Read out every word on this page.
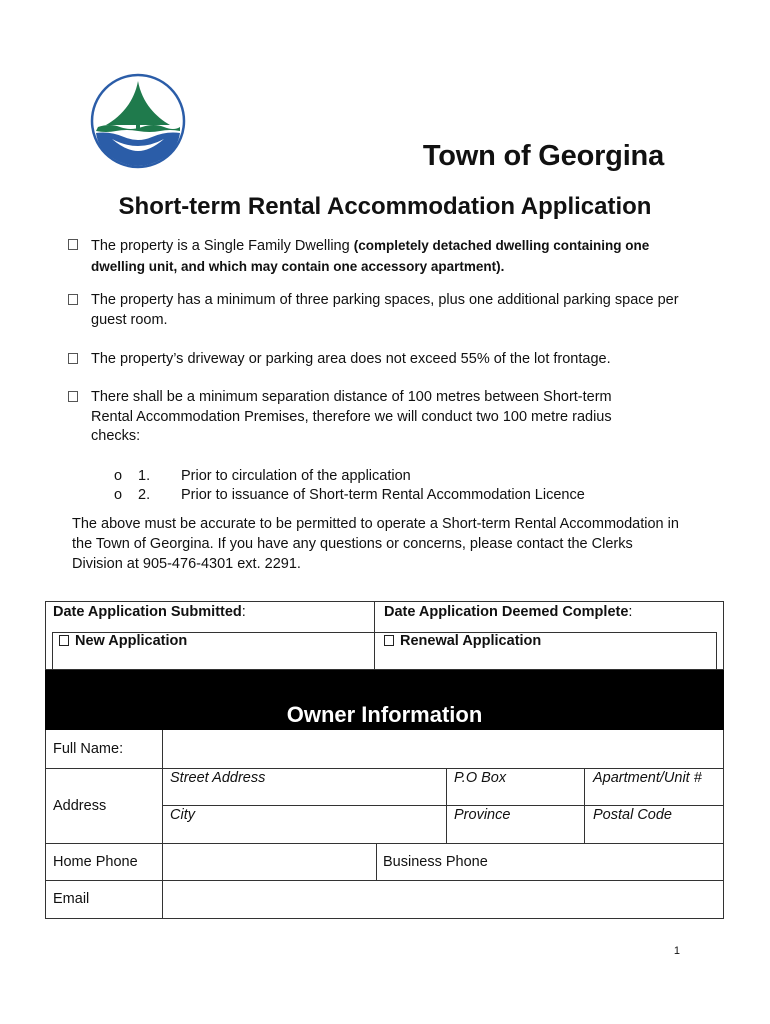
Town of Georgina
Short-term Rental Accommodation Application
The property is a Single Family Dwelling (completely detached dwelling containing one dwelling unit, and which may contain one accessory apartment).
The property has a minimum of three parking spaces, plus one additional parking space per guest room.
The property’s driveway or parking area does not exceed 55% of the lot frontage.
There shall be a minimum separation distance of 100 metres between Short-term Rental Accommodation Premises, therefore we will conduct two 100 metre radius checks:
o 1. Prior to circulation of the application
o 2. Prior to issuance of Short-term Rental Accommodation Licence
The above must be accurate to be permitted to operate a Short-term Rental Accommodation in the Town of Georgina. If you have any questions or concerns, please contact the Clerks Division at 905-476-4301 ext. 2291.
Date Application Submitted:	Date Application Deemed Complete:
New Application	Renewal Application
Owner Information
Full Name:
Address
Street Address	P.O Box	Apartment/Unit #
City	Province	Postal Code
Home Phone	Business Phone
Email
1
